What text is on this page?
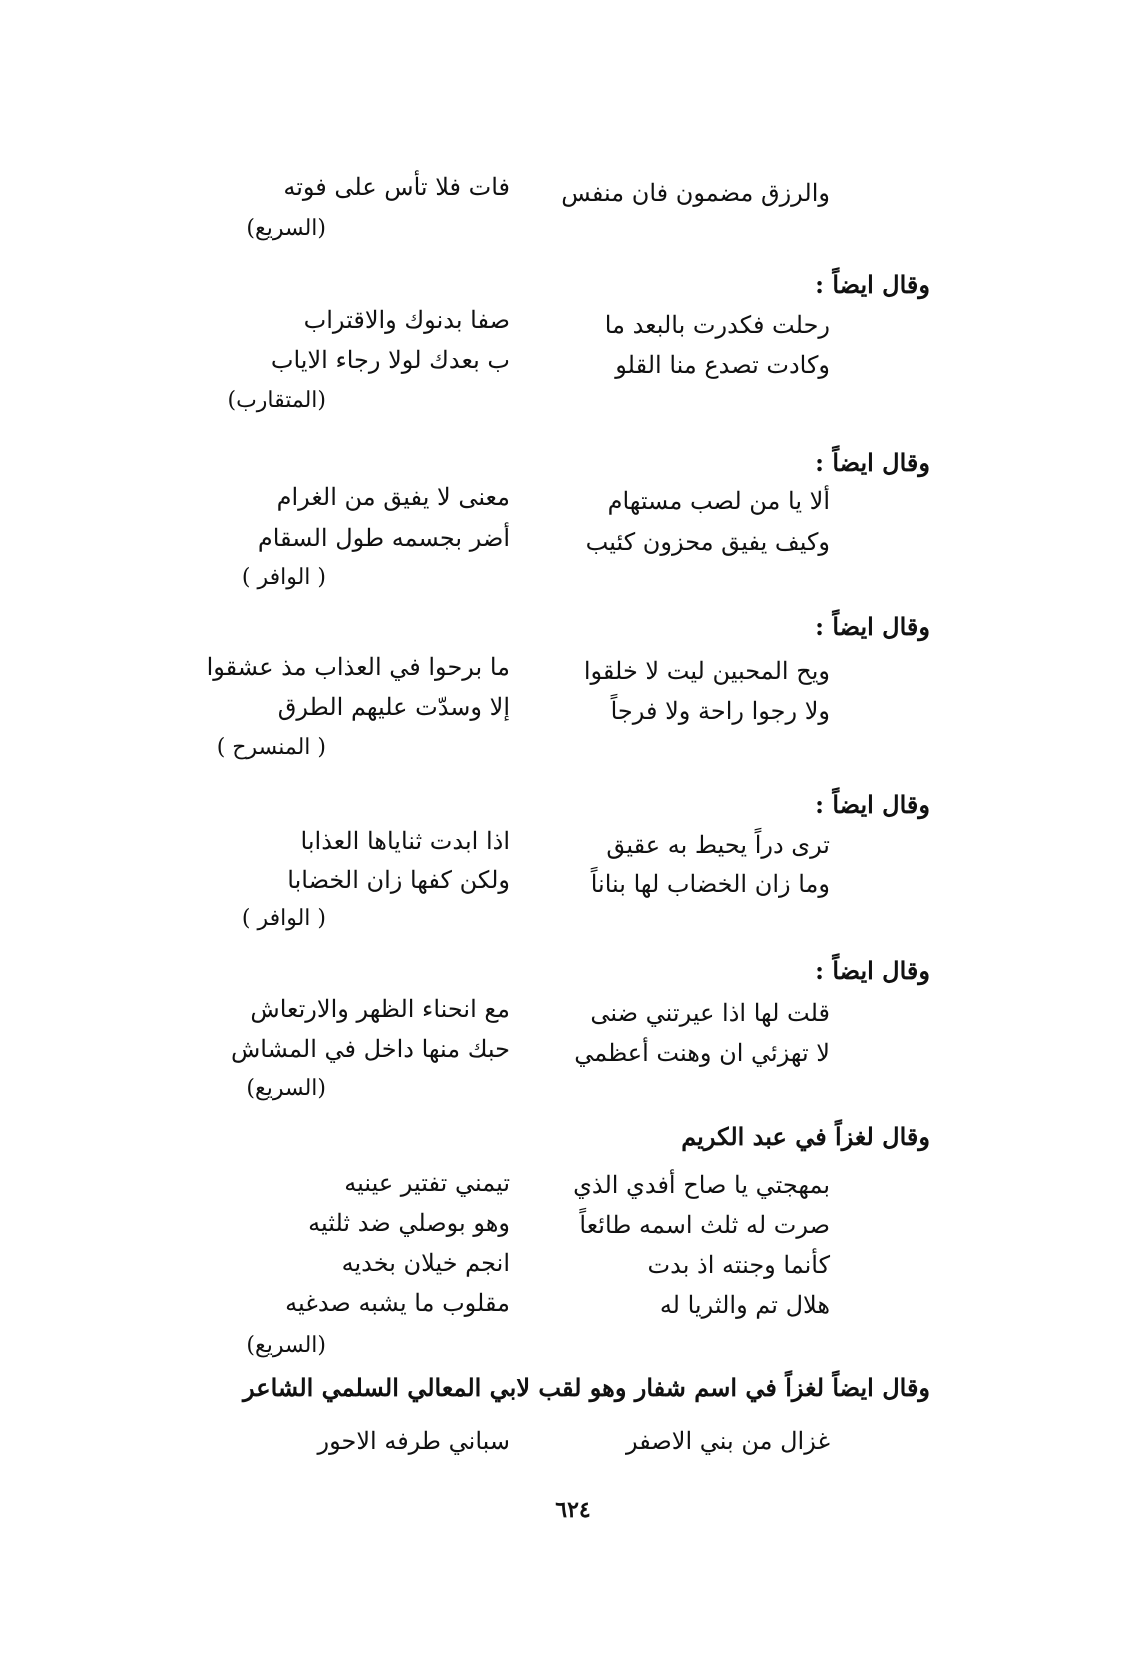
والرزق مضمون فان منفس
فات فلا تأس على فوته
(السريع)
وقال ايضاً :
رحلت فكدرت بالبعد ما
صفا بدنوك والاقتراب
وكادت تصدع منا القلو
ب بعدك لولا رجاء الاياب
(المتقارب)
وقال ايضاً :
ألا يا من لصب مستهام
معنى لا يفيق من الغرام
وكيف يفيق محزون كئيب
أضر بجسمه طول السقام
( الوافر )
وقال ايضاً :
ويح المحبين ليت لا خلقوا
ما برحوا في العذاب مذ عشقوا
ولا رجوا راحة ولا فرجاً
إلا وسدّت عليهم الطرق
( المنسرح )
وقال ايضاً :
ترى دراً يحيط به عقيق
اذا ابدت ثناياها العذابا
وما زان الخضاب لها بناناً
ولكن كفها زان الخضابا
( الوافر )
وقال ايضاً :
قلت لها اذا عيرتني ضنى
مع انحناء الظهر والارتعاش
لا تهزئي ان وهنت أعظمي
حبك منها داخل في المشاش
(السريع)
وقال لغزاً في عبد الكريم
بمهجتي يا صاح أفدي الذي
تيمني تفتير عينيه
صرت له ثلث اسمه طائعاً
وهو بوصلي ضد ثلثيه
كأنما وجنته اذ بدت
انجم خيلان بخديه
هلال تم والثريا له
مقلوب ما يشبه صدغيه
(السريع)
وقال ايضاً لغزاً في اسم شفار وهو لقب لابي المعالي السلمي الشاعر
غزال من بني الاصفر
سباني طرفه الاحور
٦٢٤
